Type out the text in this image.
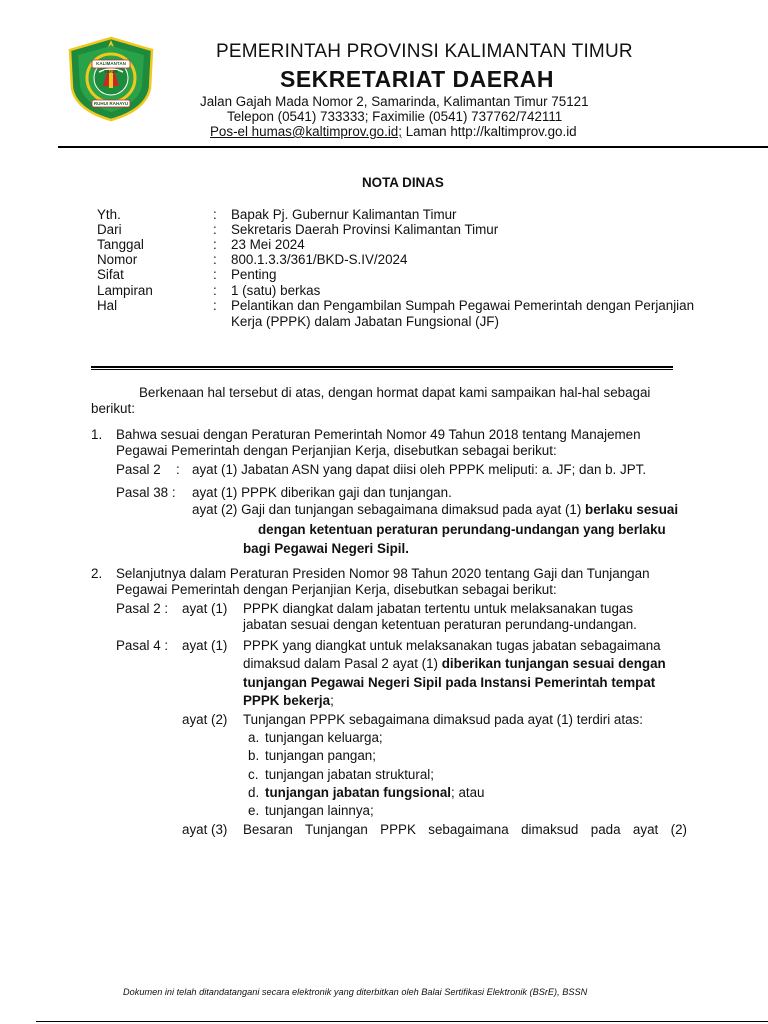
KALIMANTAN TIMUR
RUHUI RAHAYU
PEMERINTAH PROVINSI KALIMANTAN TIMUR
SEKRETARIAT DAERAH
Jalan Gajah Mada Nomor 2, Samarinda, Kalimantan Timur 75121
Telepon (0541) 733333; Faximilie (0541) 737762/742111
Pos-el humas@kaltimprov.go.id; Laman http://kaltimprov.go.id
NOTA DINAS
Yth.	: Bapak Pj. Gubernur Kalimantan Timur
Dari	: Sekretaris Daerah Provinsi Kalimantan Timur
Tanggal	: 23 Mei 2024
Nomor	: 800.1.3.3/361/BKD-S.IV/2024
Sifat	: Penting
Lampiran	: 1 (satu) berkas
Hal	: Pelantikan dan Pengambilan Sumpah Pegawai Pemerintah dengan Perjanjian
Kerja (PPPK) dalam Jabatan Fungsional (JF)
Berkenaan hal tersebut di atas, dengan hormat dapat kami sampaikan hal-hal sebagai
berikut:
1. Bahwa sesuai dengan Peraturan Pemerintah Nomor 49 Tahun 2018 tentang Manajemen
Pegawai Pemerintah dengan Perjanjian Kerja, disebutkan sebagai berikut:
Pasal 2 : ayat (1) Jabatan ASN yang dapat diisi oleh PPPK meliputi: a. JF; dan b. JPT.
Pasal 38 : ayat (1) PPPK diberikan gaji dan tunjangan.
ayat (2) Gaji dan tunjangan sebagaimana dimaksud pada ayat (1) berlaku sesuai
dengan ketentuan peraturan perundang-undangan yang berlaku
bagi Pegawai Negeri Sipil.
2. Selanjutnya dalam Peraturan Presiden Nomor 98 Tahun 2020 tentang Gaji dan Tunjangan
Pegawai Pemerintah dengan Perjanjian Kerja, disebutkan sebagai berikut:
Pasal 2 : ayat (1) PPPK diangkat dalam jabatan tertentu untuk melaksanakan tugas
jabatan sesuai dengan ketentuan peraturan perundang-undangan.
Pasal 4 : ayat (1) PPPK yang diangkat untuk melaksanakan tugas jabatan sebagaimana
dimaksud dalam Pasal 2 ayat (1) diberikan tunjangan sesuai dengan
tunjangan Pegawai Negeri Sipil pada Instansi Pemerintah tempat
PPPK bekerja;
ayat (2) Tunjangan PPPK sebagaimana dimaksud pada ayat (1) terdiri atas:
a. tunjangan keluarga;
b. tunjangan pangan;
c. tunjangan jabatan struktural;
d. tunjangan jabatan fungsional; atau
e. tunjangan lainnya;
ayat (3) Besaran Tunjangan PPPK sebagaimana dimaksud pada ayat (2)
Dokumen ini telah ditandatangani secara elektronik yang diterbitkan oleh Balai Sertifikasi Elektronik (BSrE), BSSN
